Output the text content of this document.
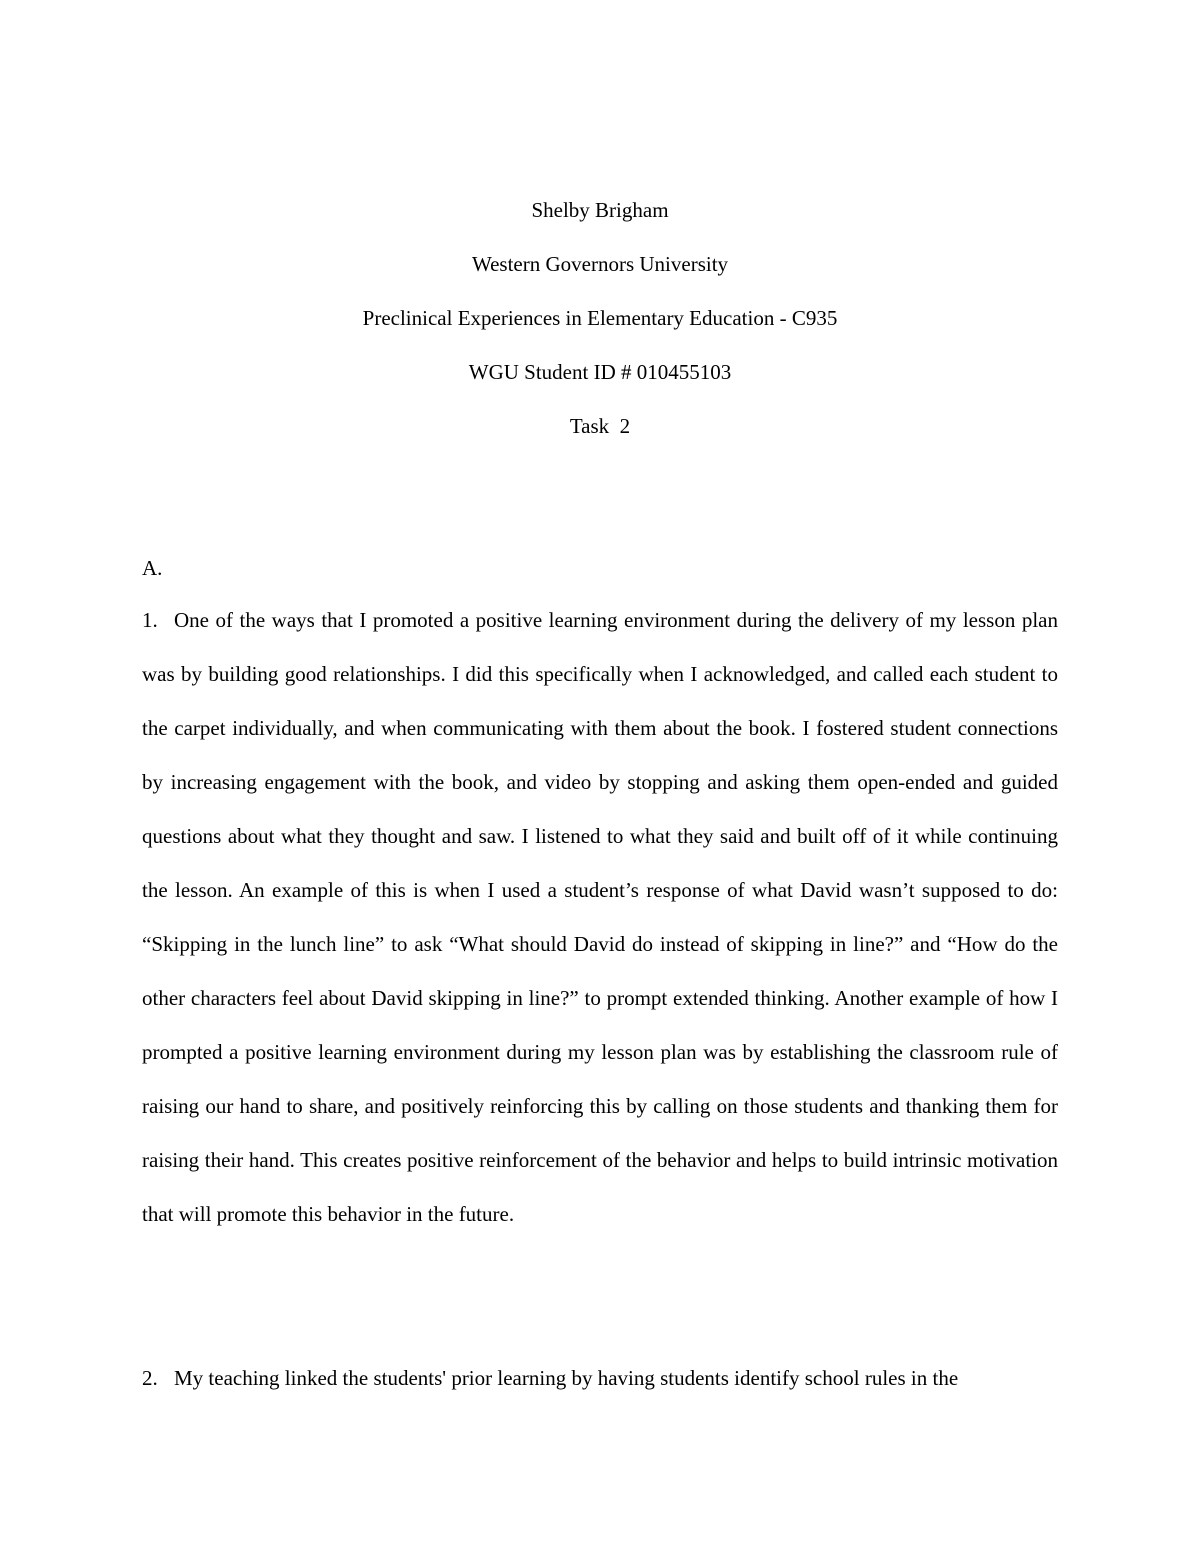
Shelby Brigham
Western Governors University
Preclinical Experiences in Elementary Education - C935
WGU Student ID # 010455103
Task  2
A.

1. One of the ways that I promoted a positive learning environment during the delivery of my lesson plan was by building good relationships. I did this specifically when I acknowledged, and called each student to the carpet individually, and when communicating with them about the book. I fostered student connections by increasing engagement with the book, and video by stopping and asking them open-ended and guided questions about what they thought and saw. I listened to what they said and built off of it while continuing the lesson. An example of this is when I used a student’s response of what David wasn’t supposed to do: “Skipping in the lunch line” to ask “What should David do instead of skipping in line?” and “How do the other characters feel about David skipping in line?” to prompt extended thinking. Another example of how I prompted a positive learning environment during my lesson plan was by establishing the classroom rule of raising our hand to share, and positively reinforcing this by calling on those students and thanking them for raising their hand. This creates positive reinforcement of the behavior and helps to build intrinsic motivation that will promote this behavior in the future.

2. My teaching linked the students' prior learning by having students identify school rules in the
